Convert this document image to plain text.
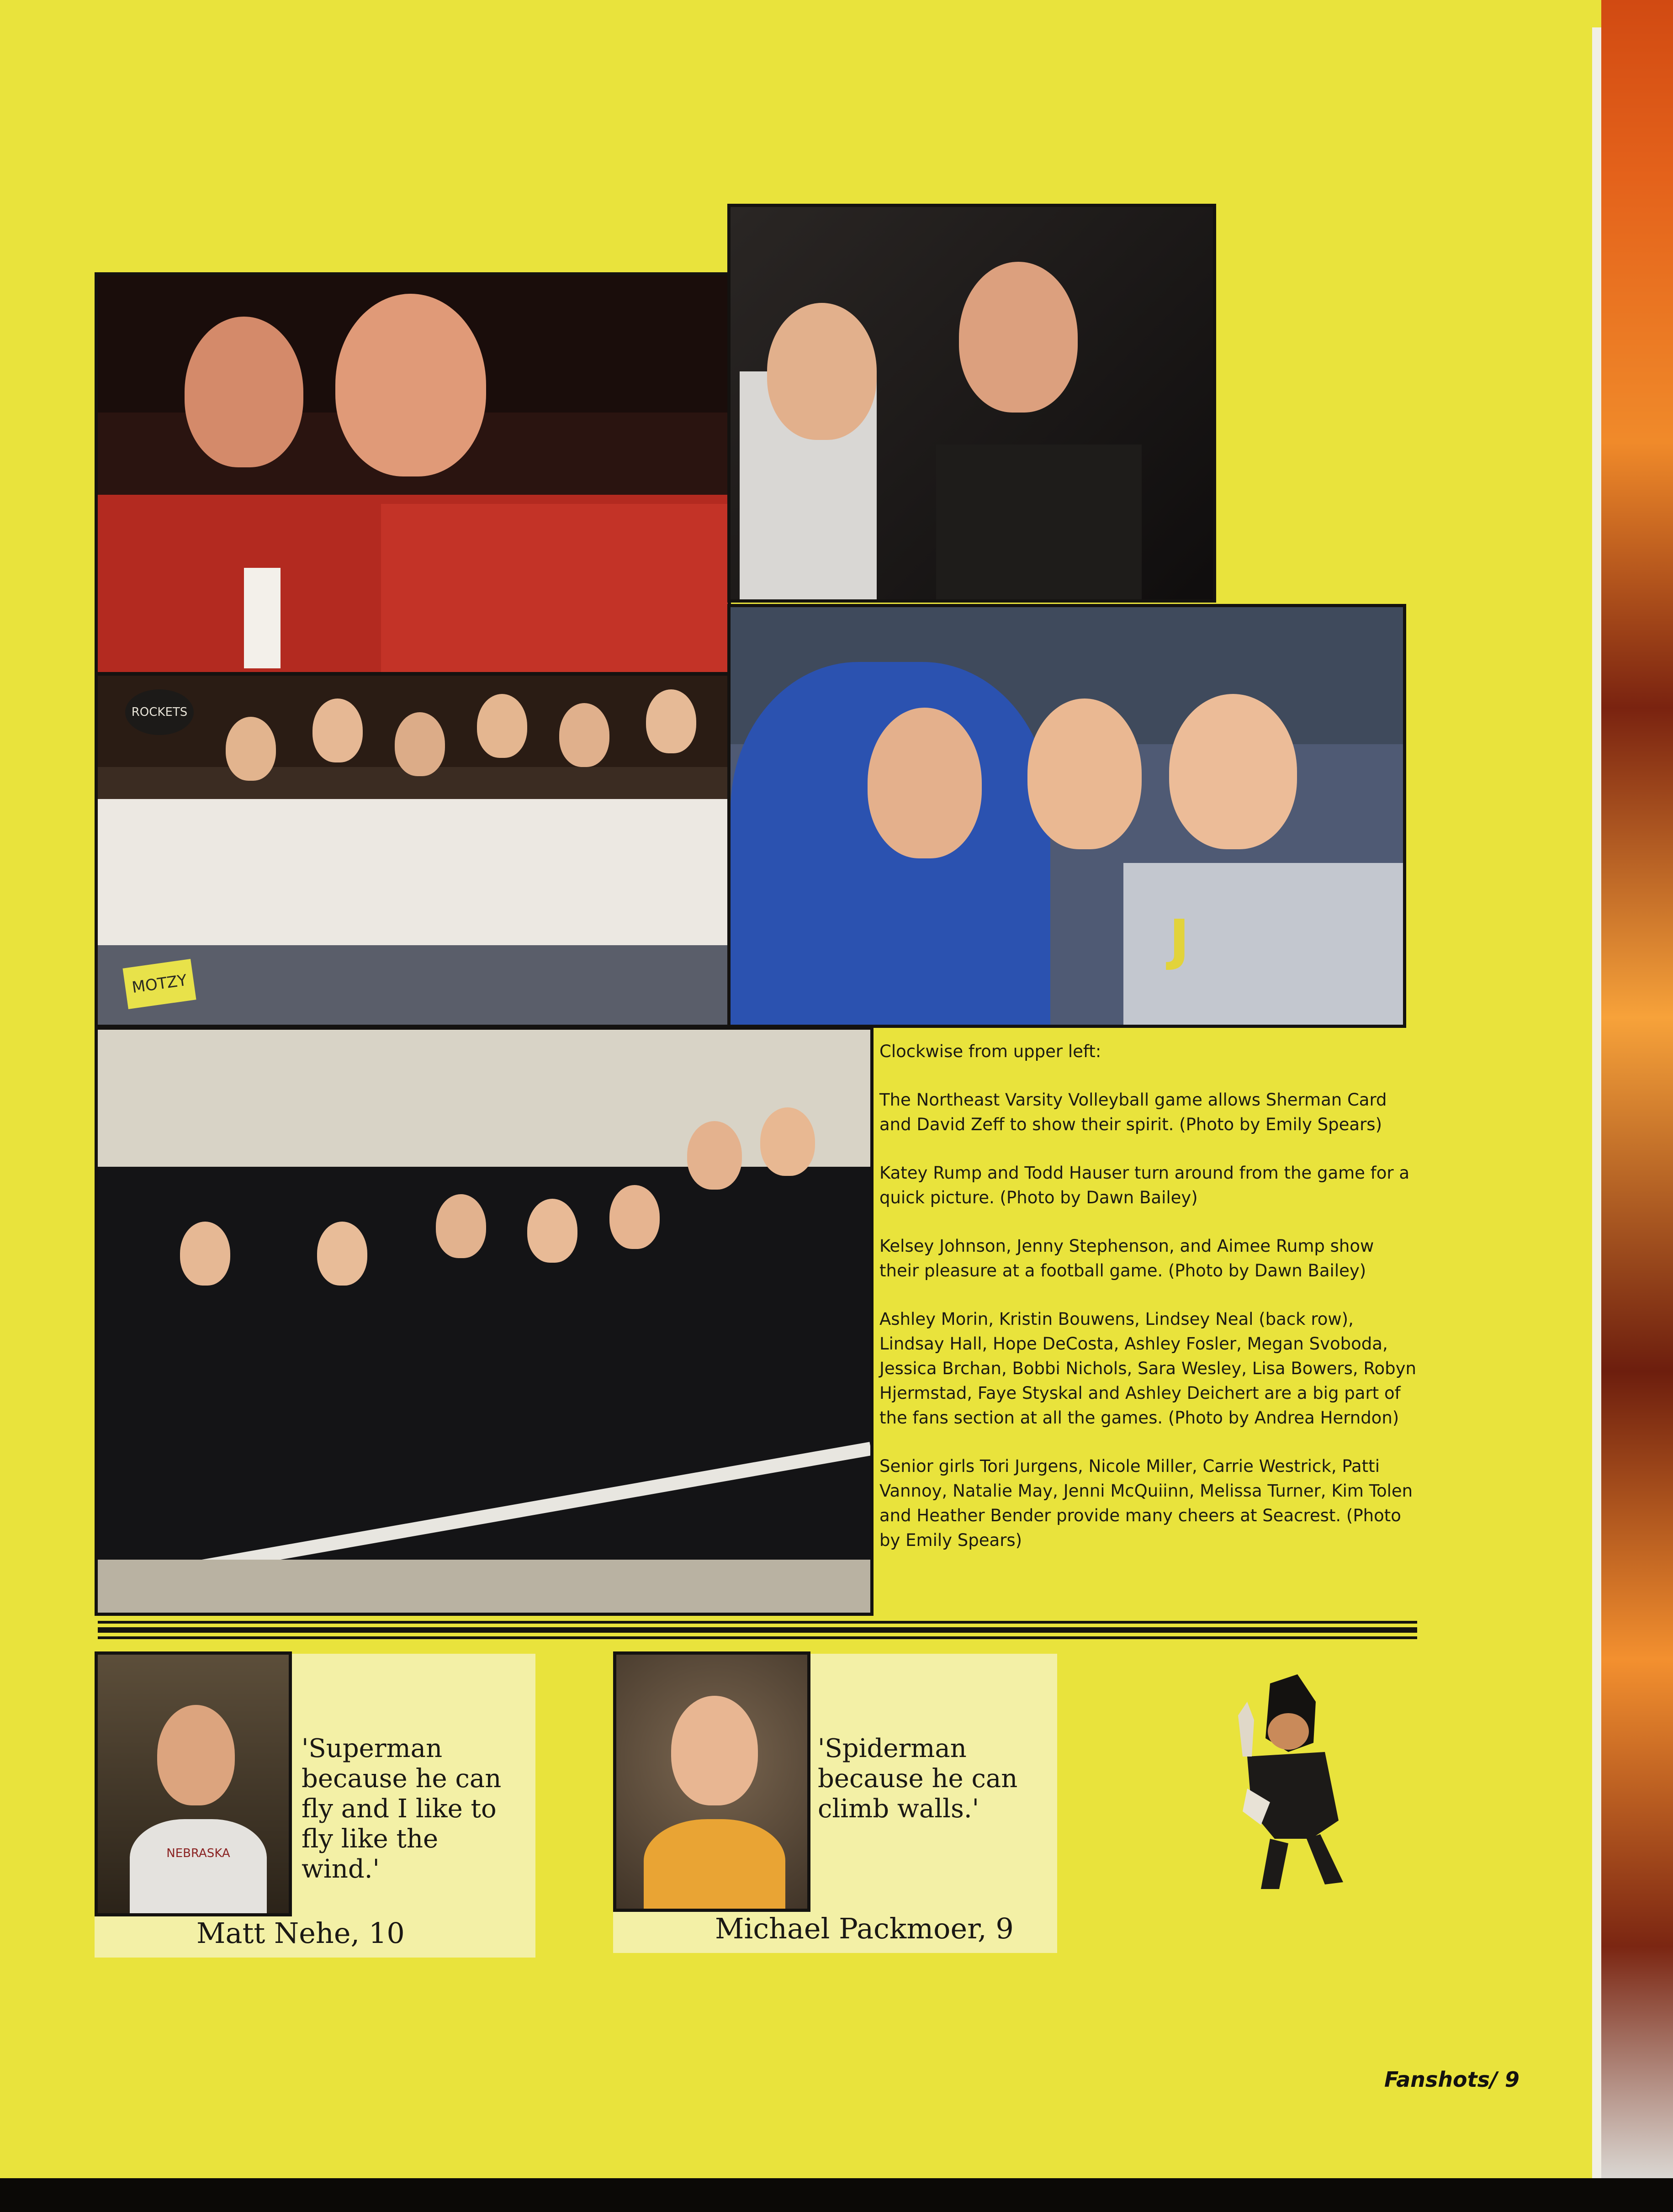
ROCKETS
MOTZY
J

Clockwise from upper left:

The Northeast Varsity Volleyball game allows Sherman Card and David Zeff to show their spirit. (Photo by Emily Spears)

Katey Rump and Todd Hauser turn around from the game for a quick picture. (Photo by Dawn Bailey)

Kelsey Johnson, Jenny Stephenson, and Aimee Rump show their pleasure at a football game. (Photo by Dawn Bailey)

Ashley Morin, Kristin Bouwens, Lindsey Neal (back row), Lindsay Hall, Hope DeCosta, Ashley Fosler, Megan Svoboda, Jessica Brchan, Bobbi Nichols, Sara Wesley, Lisa Bowers, Robyn Hjermstad, Faye Styskal and Ashley Deichert are a big part of the fans section at all the games. (Photo by Andrea Herndon)

Senior girls Tori Jurgens, Nicole Miller, Carrie Westrick, Patti Vannoy, Natalie May, Jenni McQuiinn, Melissa Turner, Kim Tolen and Heather Bender provide many cheers at Seacrest. (Photo by Emily Spears)

NEBRASKA
'Superman because he can fly and I like to fly like the wind.'
Matt Nehe, 10
'Spiderman because he can climb walls.'
Michael Packmoer, 9
Fanshots/ 9
